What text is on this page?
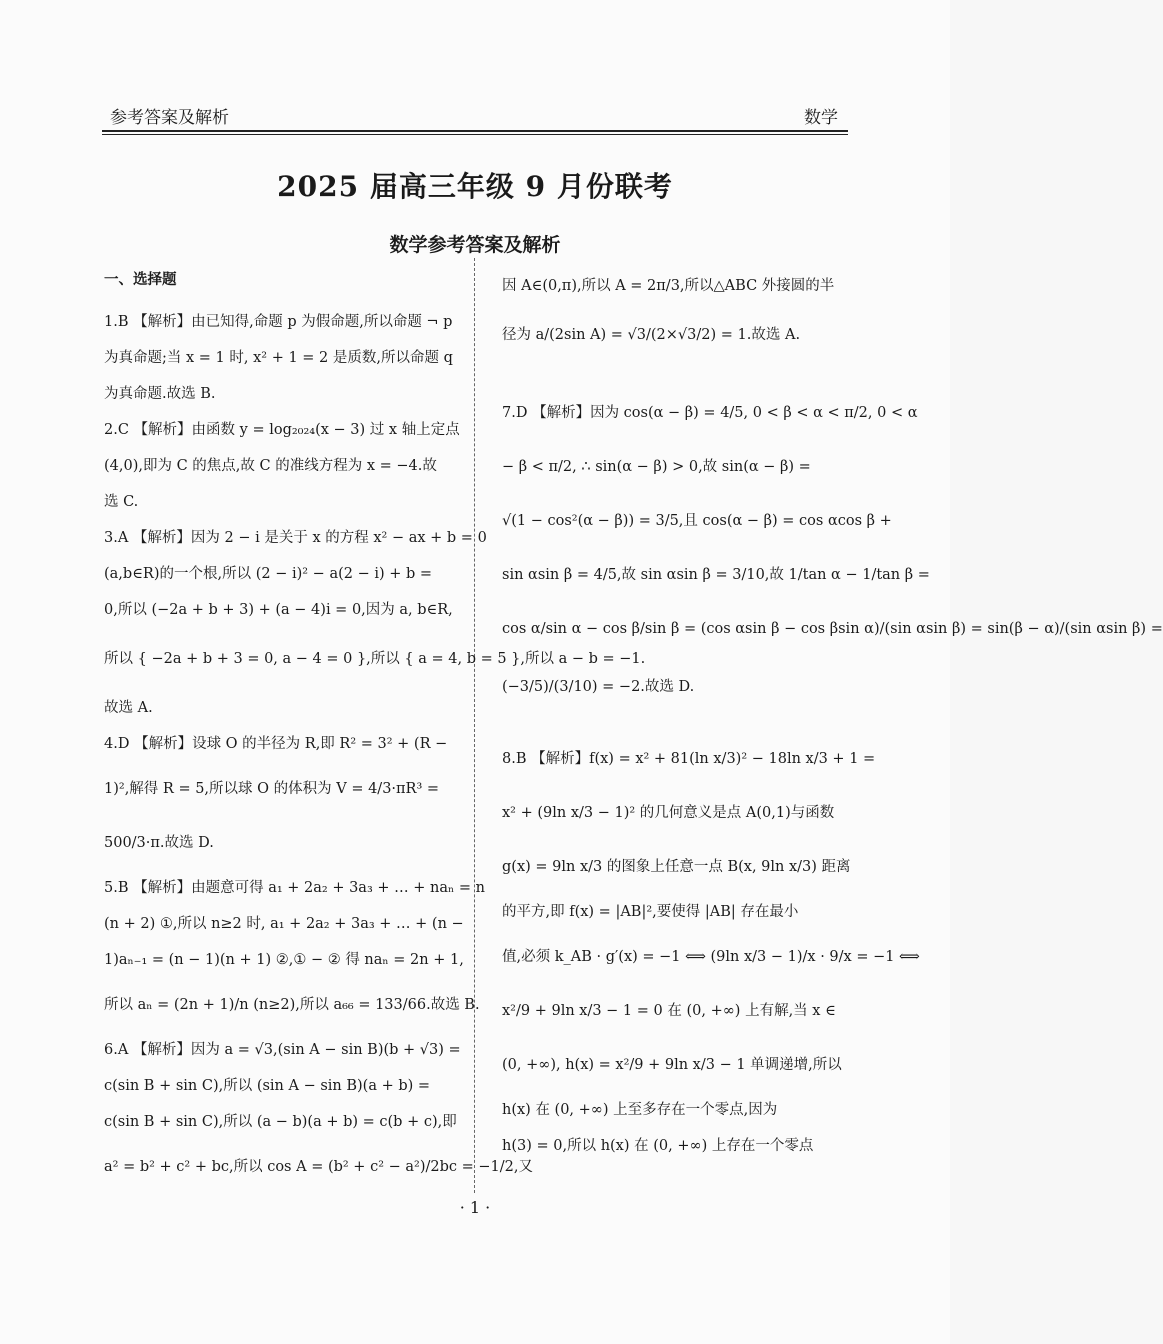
参考答案及解析	数学
2025 届高三年级 9 月份联考
数学参考答案及解析
一、选择题
1.B 【解析】由已知得,命题 p 为假命题,所以命题 ¬ p
为真命题;当 x = 1 时, x² + 1 = 2 是质数,所以命题 q
为真命题.故选 B.
2.C 【解析】由函数 y = log₂₀₂₄(x − 3) 过 x 轴上定点
(4,0),即为 C 的焦点,故 C 的准线方程为 x = −4.故
选 C.
3.A 【解析】因为 2 − i 是关于 x 的方程 x² − ax + b = 0
(a,b∈R)的一个根,所以 (2 − i)² − a(2 − i) + b =
0,所以 (−2a + b + 3) + (a − 4)i = 0,因为 a, b∈R,
所以 { −2a + b + 3 = 0, a − 4 = 0 },所以 { a = 4, b = 5 },所以 a − b = −1.
故选 A.
4.D 【解析】设球 O 的半径为 R,即 R² = 3² + (R −
1)²,解得 R = 5,所以球 O 的体积为 V = 4/3·πR³ =
500/3·π.故选 D.
5.B 【解析】由题意可得 a₁ + 2a₂ + 3a₃ + … + naₙ = n
(n + 2) ①,所以 n≥2 时, a₁ + 2a₂ + 3a₃ + … + (n −
1)aₙ₋₁ = (n − 1)(n + 1) ②,① − ② 得 naₙ = 2n + 1,
所以 aₙ = (2n + 1)/n (n≥2),所以 a₆₆ = 133/66.故选 B.
6.A 【解析】因为 a = √3,(sin A − sin B)(b + √3) =
c(sin B + sin C),所以 (sin A − sin B)(a + b) =
c(sin B + sin C),所以 (a − b)(a + b) = c(b + c),即
a² = b² + c² + bc,所以 cos A = (b² + c² − a²)/2bc = −1/2,又
因 A∈(0,π),所以 A = 2π/3,所以△ABC 外接圆的半
径为 a/(2sin A) = √3/(2×√3/2) = 1.故选 A.
7.D 【解析】因为 cos(α − β) = 4/5, 0 < β < α < π/2, 0 < α
− β < π/2, ∴ sin(α − β) > 0,故 sin(α − β) =
√(1 − cos²(α − β)) = 3/5,且 cos(α − β) = cos αcos β +
sin αsin β = 4/5,故 sin αsin β = 3/10,故 1/tan α − 1/tan β =
cos α/sin α − cos β/sin β = (cos αsin β − cos βsin α)/(sin αsin β) = sin(β − α)/(sin αsin β) =
(−3/5)/(3/10) = −2.故选 D.
8.B 【解析】f(x) = x² + 81(ln x/3)² − 18ln x/3 + 1 =
x² + (9ln x/3 − 1)² 的几何意义是点 A(0,1)与函数
g(x) = 9ln x/3 的图象上任意一点 B(x, 9ln x/3) 距离
的平方,即 f(x) = |AB|²,要使得 |AB| 存在最小
值,必须 k_AB · g′(x) = −1 ⟺ (9ln x/3 − 1)/x · 9/x = −1 ⟺
x²/9 + 9ln x/3 − 1 = 0 在 (0, +∞) 上有解,当 x ∈
(0, +∞), h(x) = x²/9 + 9ln x/3 − 1 单调递增,所以
h(x) 在 (0, +∞) 上至多存在一个零点,因为
h(3) = 0,所以 h(x) 在 (0, +∞) 上存在一个零点
· 1 ·
